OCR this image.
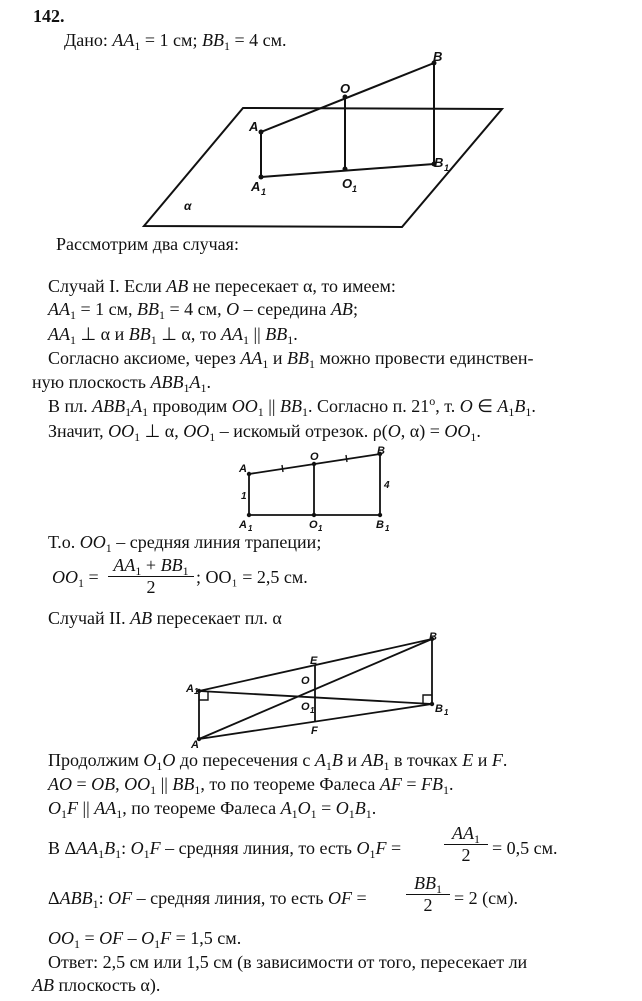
142.
Дано: $AA_1 = 1$ см; $BB_1 = 4$ см.
B
O
A
B 1
A 1
O 1
α
Рассмотрим два случая:
Случай I. Если AB не пересекает α, то имеем:
$AA_1 = 1$ см, $BB_1 = 4$ см, O – середина AB;
$AA_1$ ⊥ α и $BB_1$ ⊥ α, то $AA_1$ || $BB_1$.
Согласно аксиоме, через $AA_1$ и $BB_1$ можно провести единствен-
ную плоскость $ABB_1A_1$.
В пл. $ABB_1A_1$ проводим $OO_1$ || $BB_1$. Согласно п. 21$^o$, т. O ∈ $A_1B_1$.
Значит, $OO_1$ ⊥ α, $OO_1$ – искомый отрезок. ρ(O, $\alpha) = OO_1$.
A
O	B
1
4
A 1	O 1	B 1
Т.о. $OO_1$ – средняя линия трапеции;
$OO_1 = \frac{AA_1 + BB_1}{2}$ ; OO₁ = 2,5 см.
Случай II. AB пересекает пл. α
B
E
A 1
O
O 1
F
A
B 1
Продолжим $O_1O$ до пересечения с $A_1B$ и $AB_1$ в точках E и F.
AO = OB, $OO_1$ || $BB_1$, то по теореме Фалеса AF = $FB_1$.
$O_1F$ || $AA_1$, по теореме Фалеса $A_1O_1 = O_1B_1$.
В $\Delta AA_1B_1$: $O_1F$ – средняя линия, то есть $O_1F = \frac{AA_1}{2} = 0,5$ см.
$\Delta ABB_1$: OF – средняя линия, то есть OF = $\frac{BB_1}{2} = 2$ (см).
$OO_1$ = OF – $O_1F = 1,5$ см.
Ответ: 2,5 см или 1,5 см (в зависимости от того, пересекает ли
AB плоскость α).
